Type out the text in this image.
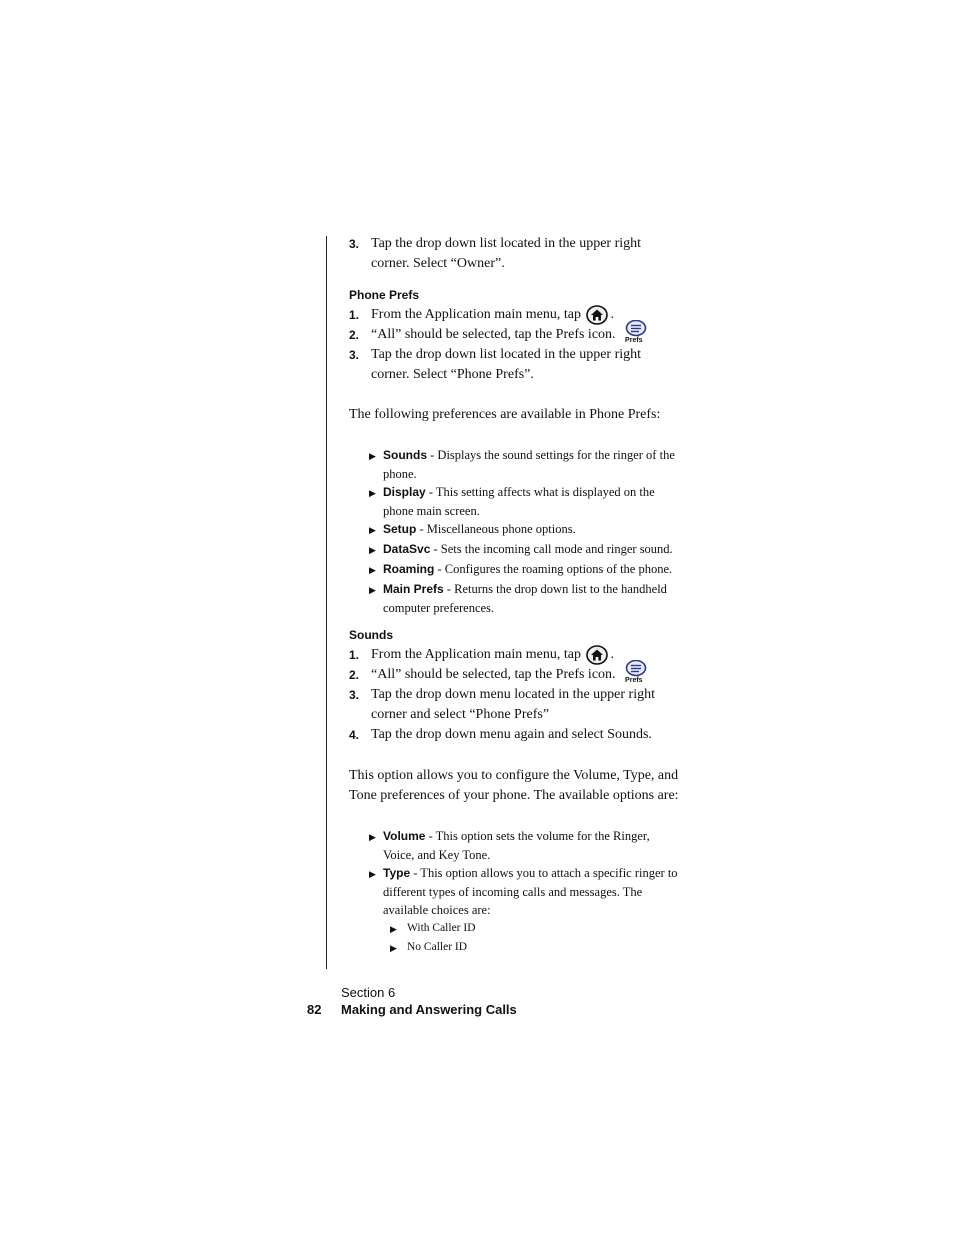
3. Tap the drop down list located in the upper right corner. Select “Owner”.
Phone Prefs
1. From the Application main menu, tap .
2. “All” should be selected, tap the Prefs icon. Prefs
3. Tap the drop down list located in the upper right corner. Select “Phone Prefs”.
The following preferences are available in Phone Prefs:
▶ Sounds - Displays the sound settings for the ringer of the phone.
▶ Display - This setting affects what is displayed on the phone main screen.
▶ Setup - Miscellaneous phone options.
▶ DataSvc - Sets the incoming call mode and ringer sound.
▶ Roaming - Configures the roaming options of the phone.
▶ Main Prefs - Returns the drop down list to the handheld computer preferences.
Sounds
1. From the Application main menu, tap .
2. “All” should be selected, tap the Prefs icon. Prefs
3. Tap the drop down menu located in the upper right corner and select “Phone Prefs”
4. Tap the drop down menu again and select Sounds.
This option allows you to configure the Volume, Type, and Tone preferences of your phone. The available options are:
▶ Volume - This option sets the volume for the Ringer, Voice, and Key Tone.
▶ Type - This option allows you to attach a specific ringer to different types of incoming calls and messages. The available choices are:
▶ With Caller ID
▶ No Caller ID
Section 6
82 Making and Answering Calls
